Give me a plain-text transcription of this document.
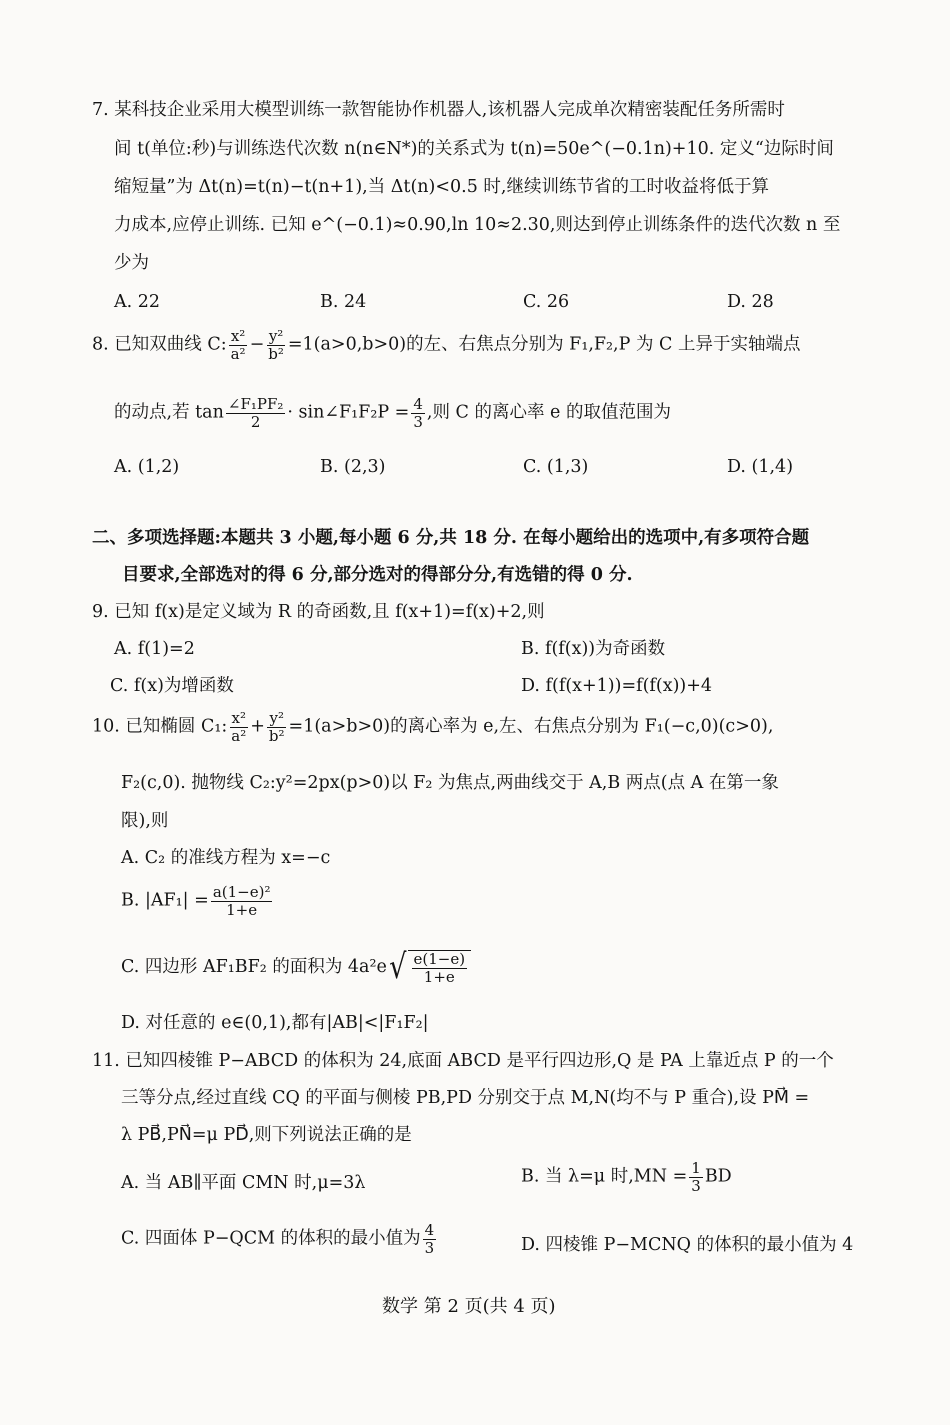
7. 某科技企业采用大模型训练一款智能协作机器人,该机器人完成单次精密装配任务所需时
间 t(单位:秒)与训练迭代次数 n(n∈N*)的关系式为 t(n)=50e^(−0.1n)+10. 定义“边际时间
缩短量”为 Δt(n)=t(n)−t(n+1),当 Δt(n)<0.5 时,继续训练节省的工时收益将低于算
力成本,应停止训练. 已知 e^(−0.1)≈0.90,ln 10≈2.30,则达到停止训练条件的迭代次数 n 至
少为
A. 22	B. 24	C. 26	D. 28
8. 已知双曲线 C: $\frac{\text{x²}}{\text{a²}} - \frac{\text{y²}}{\text{b²}} =1(a>0,b>0)$的左、右焦点分别为 F₁,F₂,P 为 C 上异于实轴端点
的动点,若 $\tan \frac{\text{∠F₁PF₂}}{2}$ · sin∠F₁F₂P = $\frac{4}{3}$ ,则 C 的离心率 e 的取值范围为
A. (1,2)	B. (2,3)	C. (1,3)	D. (1,4)
二、多项选择题:本题共 3 小题,每小题 6 分,共 18 分. 在每小题给出的选项中,有多项符合题
目要求,全部选对的得 6 分,部分选对的得部分分,有选错的得 0 分.
9. 已知 f(x)是定义域为 R 的奇函数,且 f(x+1)=f(x)+2,则
A. f(1)=2	B. f(f(x))为奇函数
C. f(x)为增函数	D. f(f(x+1))=f(f(x))+4
10. 已知椭圆 C₁: $\frac{\text{x²}}{\text{a²}} + \frac{\text{y²}}{\text{b²}} =1(a>b>0)$的离心率为 e,左、右焦点分别为 F₁(−c,0)(c>0),
F₂(c,0). 抛物线 C₂:y²=2px(p>0)以 F₂ 为焦点,两曲线交于 A,B 两点(点 A 在第一象
限),则
A. C₂ 的准线方程为 x=−c
B. $|AF_1| = \frac{\text{a(1−e)²}}{1+e}$
C. 四边形 AF₁BF₂ 的面积为 4a²e √ $\frac{e(1-e)}{1+e}$
D. 对任意的 e∈(0,1),都有|AB|<|F₁F₂|
11. 已知四棱锥 P−ABCD 的体积为 24,底面 ABCD 是平行四边形,Q 是 PA 上靠近点 P 的一个
三等分点,经过直线 CQ 的平面与侧棱 PB,PD 分别交于点 M,N(均不与 P 重合),设 PM⃗ =
λ PB⃗,PN⃗=μ PD⃗,则下列说法正确的是
A. 当 AB∥平面 CMN 时,μ=3λ	B. 当 λ=μ 时$,MN = \frac{1}{3}$ BD
C. 四面体 P−QCM 的体积的最小值为 $\frac{4}{3}$	D. 四棱锥 P−MCNQ 的体积的最小值为 4
数学 第 2 页(共 4 页)
